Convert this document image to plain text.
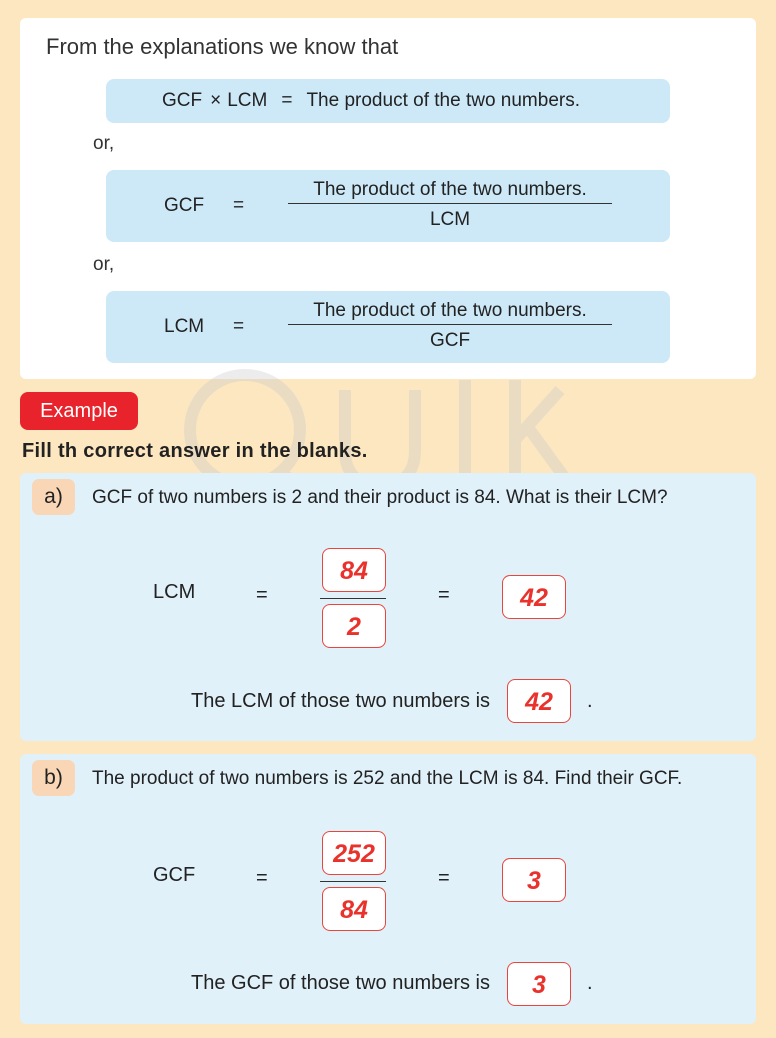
From the explanations we know that
GCF × LCM = The product of the two numbers.
or,
GCF =
The product of the two numbers.
LCM
or,
LCM =
The product of the two numbers.
GCF
Example
Fill th correct answer in the blanks.
a)	GCF of two numbers is 2 and their product is 84. What is their LCM?
LCM	=
84
2
=	42
The LCM of those two numbers is	42	.
b)	The product of two numbers is 252 and the LCM is 84. Find their GCF.
GCF	=
252
84
=	3
The GCF of those two numbers is	3	.
